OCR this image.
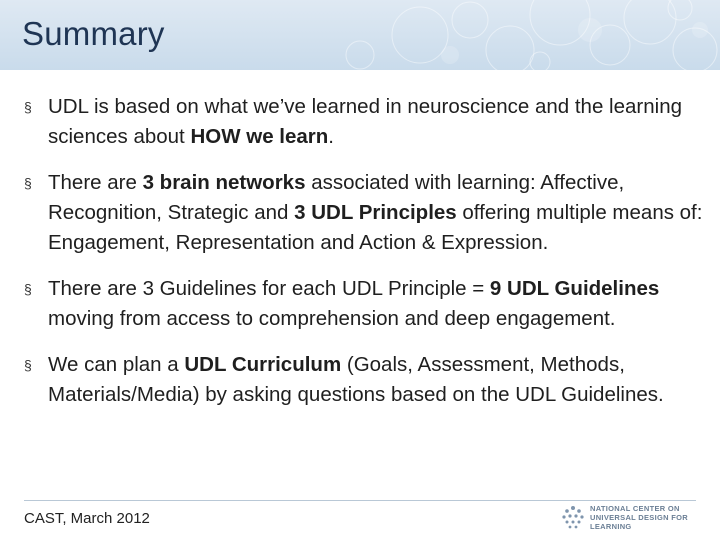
Summary
§ UDL is based on what we’ve learned in neuroscience and the learning sciences about HOW we learn.
§ There are 3 brain networks associated with learning: Affective, Recognition, Strategic and 3 UDL Principles offering multiple means of: Engagement, Representation and Action & Expression.
§ There are 3 Guidelines for each UDL Principle = 9 UDL Guidelines moving from access to comprehension and deep engagement.
§ We can plan a UDL Curriculum (Goals, Assessment, Methods, Materials/Media) by asking questions based on the UDL Guidelines.
CAST, March 2012
NATIONAL CENTER ON
UNIVERSAL DESIGN FOR LEARNING
